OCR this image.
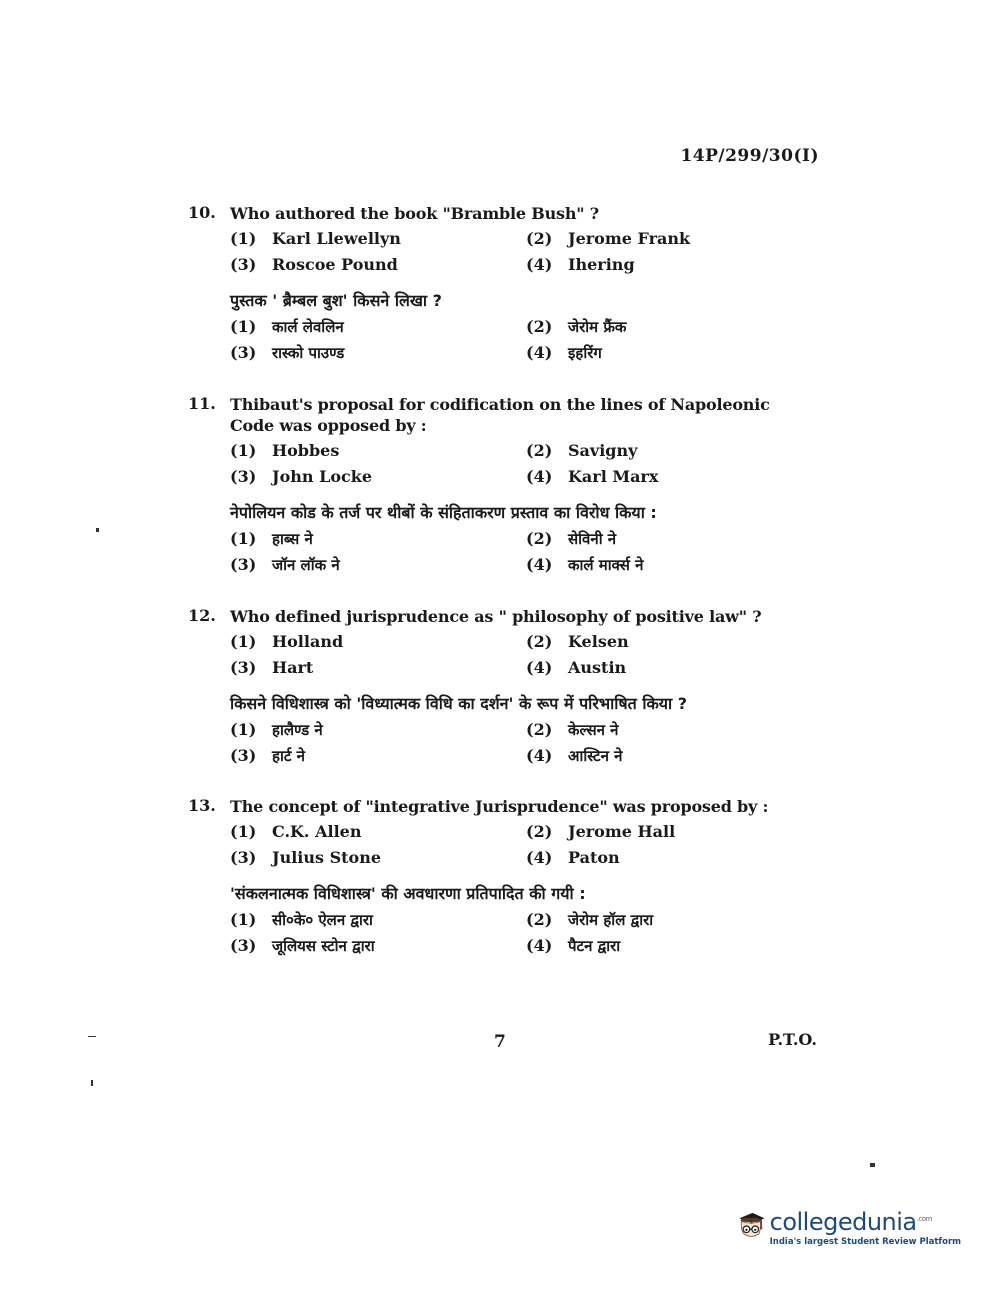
14P/299/30(I)
10. Who authored the book "Bramble Bush" ?
(1) Karl Llewellyn	(2) Jerome Frank
(3) Roscoe Pound	(4) Ihering
पुस्तक ' ब्रैम्बल बुश' किसने लिखा ?
(1)	कार्ल लेवलिन	(2)	जेरोम फ्रैंक
(3)	रास्को पाउण्ड	(4)	इहरिंग
11. Thibaut's proposal for codification on the lines of Napoleonic Code was opposed by :
(1) Hobbes	(2) Savigny
(3) John Locke	(4) Karl Marx
नेपोलियन कोड के तर्ज पर थीबों के संहिताकरण प्रस्ताव का विरोध किया :
(1)	हाब्स ने	(2)	सेविनी ने
(3)	जॉन लॉक ने	(4)	कार्ल मार्क्स ने
12. Who defined jurisprudence as " philosophy of positive law" ?
(1) Holland	(2) Kelsen
(3) Hart	(4) Austin
किसने विधिशास्त्र को 'विध्यात्मक विधि का दर्शन' के रूप में परिभाषित किया ?
(1)	हालैण्ड ने	(2)	केल्सन ने
(3)	हार्ट ने	(4)	आस्टिन ने
13. The concept of "integrative Jurisprudence" was proposed by :
(1) C.K. Allen	(2) Jerome Hall
(3) Julius Stone	(4) Paton
'संकलनात्मक विधिशास्त्र' की अवधारणा प्रतिपादित की गयी :
(1)	सी०के० ऐलन द्वारा	(2)	जेरोम हॉल द्वारा
(3)	जूलियस स्टोन द्वारा	(4)	पैटन द्वारा
7	P.T.O.
collegedunia$^{.com}$
India's largest Student Review Platform
